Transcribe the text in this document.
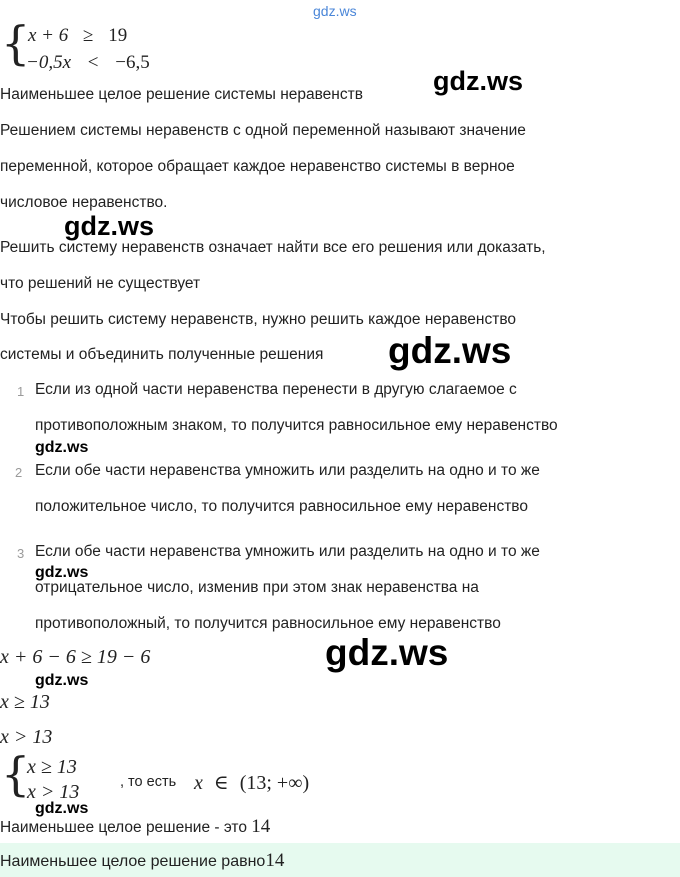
gdz.ws
{
x + 6 ≥ 19
−0,5x < −6,5
Наименьшее целое решение системы неравенств	gdz.ws
Решением системы неравенств с одной переменной называют значение
переменной, которое обращает каждое неравенство системы в верное
числовое неравенство.
gdz.ws
Решить систему неравенств означает найти все его решения или доказать,
что решений не существует
Чтобы решить систему неравенств, нужно решить каждое неравенство
системы и объединить полученные решения gdz.ws
1 Если из одной части неравенства перенести в другую слагаемое с
противоположным знаком, то получится равносильное ему неравенство
gdz.ws
2 Если обе части неравенства умножить или разделить на одно и то же
положительное число, то получится равносильное ему неравенство
3 Если обе части неравенства умножить или разделить на одно и то же
gdz.ws
отрицательное число, изменив при этом знак неравенства на
противоположный, то получится равносильное ему неравенство
gdz.ws
x + 6 − 6 ≥ 19 − 6
gdz.ws
x ≥ 13
x > 13
{
x ≥ 13
x > 13	, то есть x ∈ (13; +∞)
gdz.ws
Наименьшее целое решение - это 14
Наименьшее целое решение равно14
